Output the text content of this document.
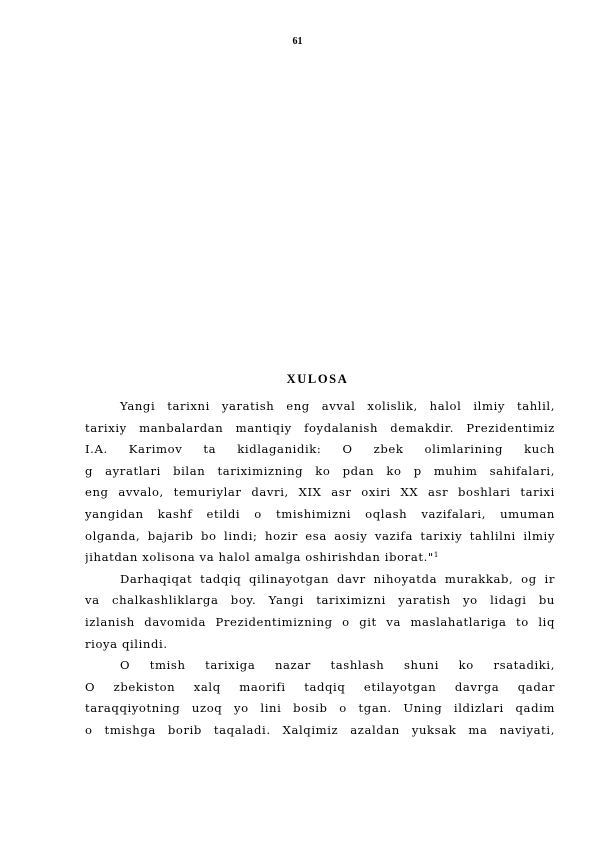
61
XULOSA
Yangi tarixni yaratish eng avval xolislik, halol ilmiy tahlil,
tarixiy manbalardan mantiqiy foydalanish demakdir. Prezidentimiz
I.A. Karimov ta kidlaganidik: O zbek olimlarining kuch
g ayratlari bilan tariximizning ko pdan ko p muhim sahifalari,
eng avvalo, temuriylar davri, XIX asr oxiri XX asr boshlari tarixi
yangidan kashf etildi o tmishimizni oqlash vazifalari, umuman
olganda, bajarib bo lindi; hozir esa aosiy vazifa tarixiy tahlilni ilmiy
jihatdan xolisona va halol amalga oshirishdan iborat."$^1$
Darhaqiqat tadqiq qilinayotgan davr nihoyatda murakkab, og ir
va chalkashliklarga boy. Yangi tariximizni yaratish yo lidagi bu
izlanish davomida Prezidentimizning o git va maslahatlariga to liq
rioya qilindi.
O tmish tarixiga nazar tashlash shuni ko rsatadiki,
O zbekiston xalq maorifi tadqiq etilayotgan davrga qadar
taraqqiyotning uzoq yo lini bosib o tgan. Uning ildizlari qadim
o tmishga borib taqaladi. Xalqimiz azaldan yuksak ma naviyati,
